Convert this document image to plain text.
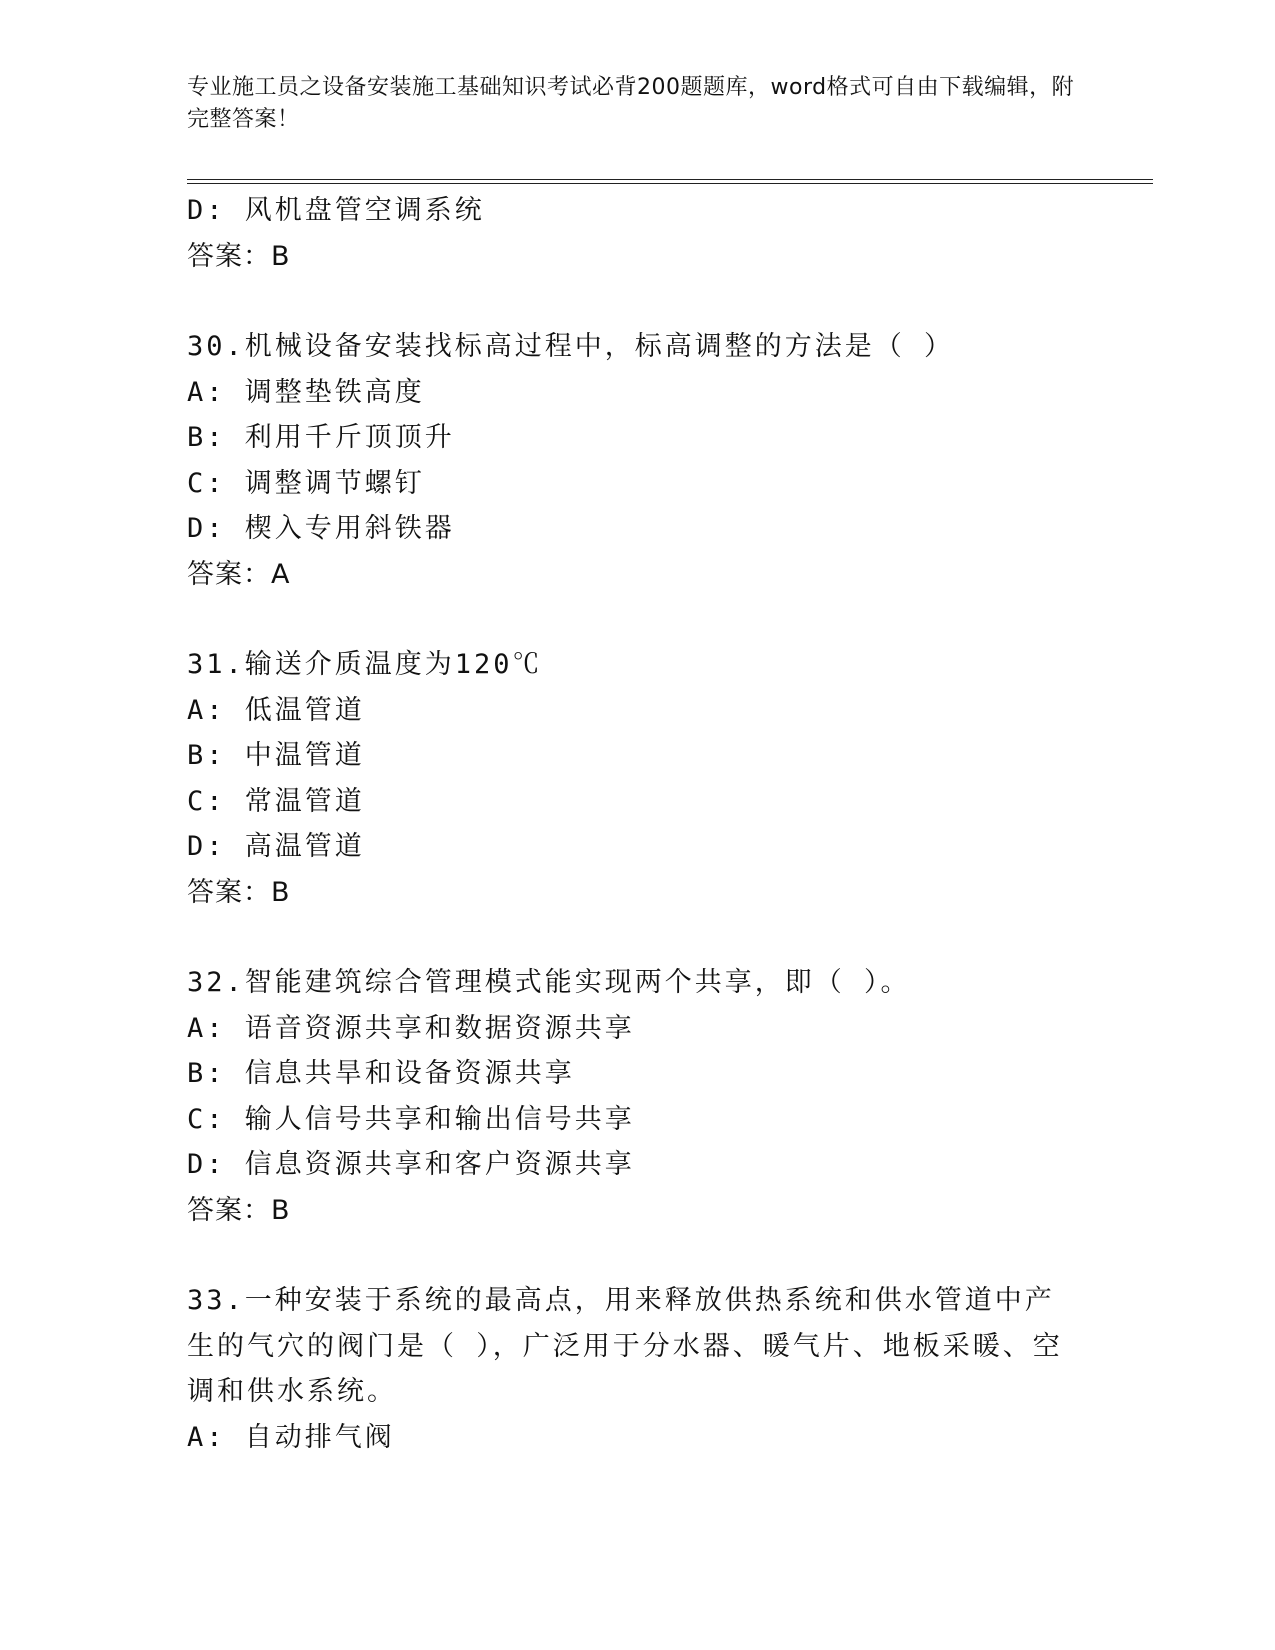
专业施工员之设备安装施工基础知识考试必背200题题库，word格式可自由下载编辑，附完整答案！
D: 风机盘管空调系统
答案：B
30.机械设备安装找标高过程中，标高调整的方法是（ ）
A: 调整垫铁高度
B: 利用千斤顶顶升
C: 调整调节螺钉
D: 楔入专用斜铁器
答案：A
31.输送介质温度为120℃
A: 低温管道
B: 中温管道
C: 常温管道
D: 高温管道
答案：B
32.智能建筑综合管理模式能实现两个共享，即（ ）。
A: 语音资源共享和数据资源共享
B: 信息共旱和设备资源共享
C: 输人信号共享和输出信号共享
D: 信息资源共享和客户资源共享
答案：B
33.一种安装于系统的最高点，用来释放供热系统和供水管道中产生的气穴的阀门是（ ），广泛用于分水器、暖气片、地板采暖、空调和供水系统。
A: 自动排气阀
